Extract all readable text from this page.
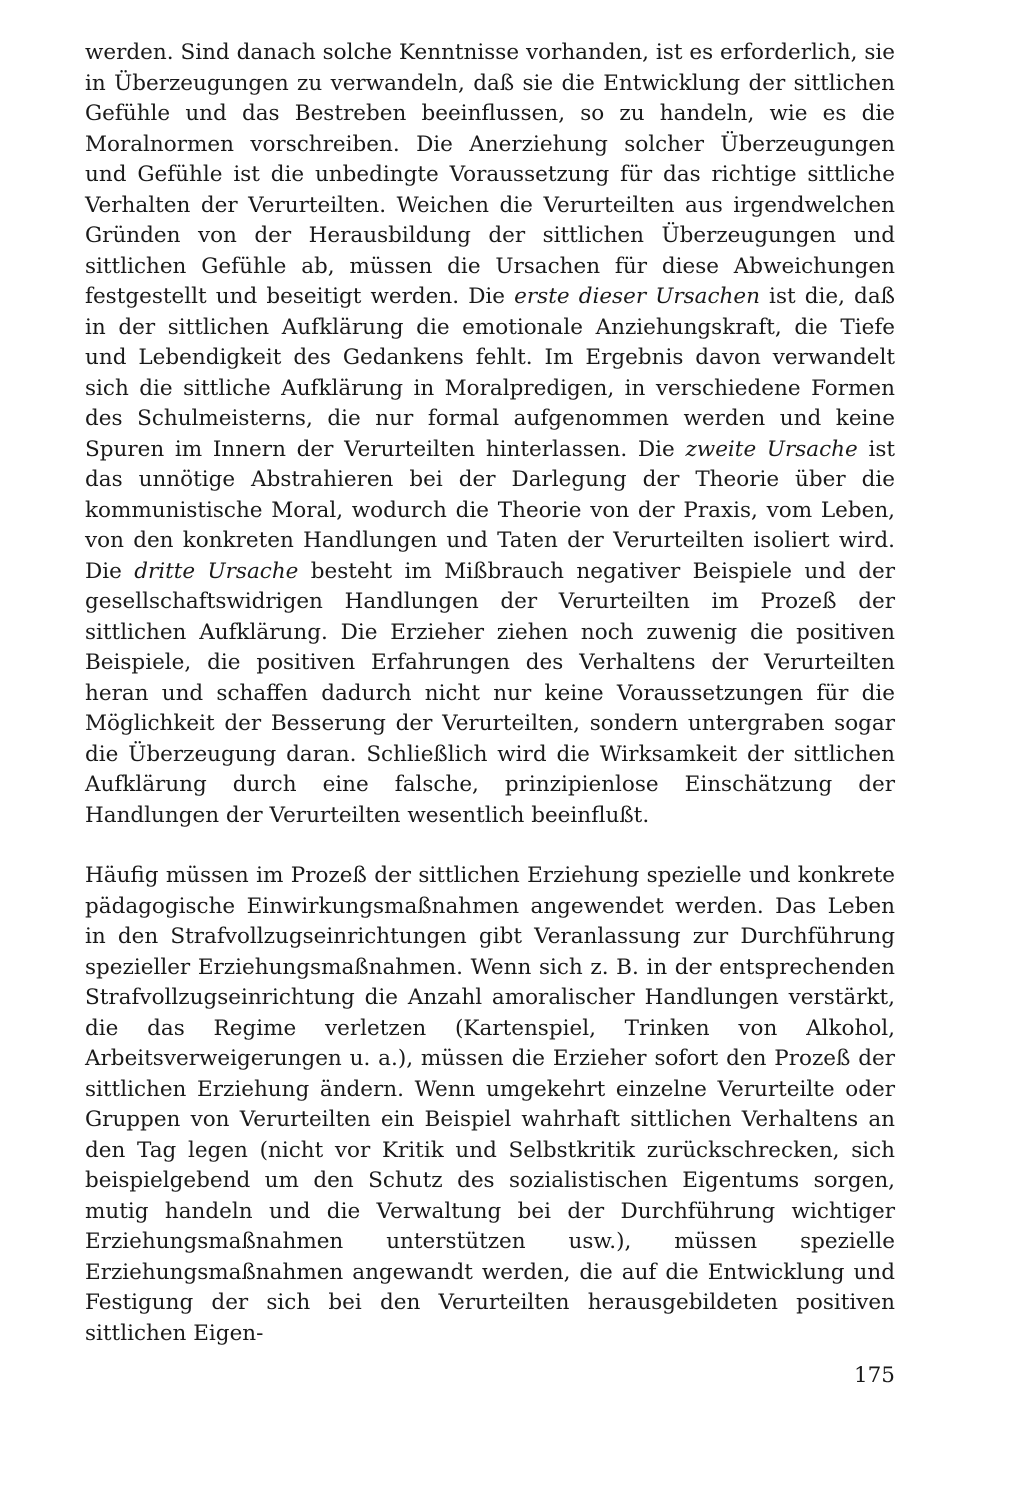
werden. Sind danach solche Kenntnisse vorhanden, ist es erforderlich, sie in Überzeugungen zu verwandeln, daß sie die Entwicklung der sittlichen Gefühle und das Bestreben beeinflussen, so zu handeln, wie es die Moralnormen vorschreiben. Die Anerziehung solcher Überzeugungen und Gefühle ist die unbedingte Voraussetzung für das richtige sittliche Verhalten der Verurteilten. Weichen die Verurteilten aus irgendwelchen Gründen von der Herausbildung der sittlichen Überzeugungen und sittlichen Gefühle ab, müssen die Ursachen für diese Abweichungen festgestellt und beseitigt werden. Die erste dieser Ursachen ist die, daß in der sittlichen Aufklärung die emotionale Anziehungskraft, die Tiefe und Lebendigkeit des Gedankens fehlt. Im Ergebnis davon verwandelt sich die sittliche Aufklärung in Moralpredigen, in verschiedene Formen des Schulmeisterns, die nur formal aufgenommen werden und keine Spuren im Innern der Verurteilten hinterlassen. Die zweite Ursache ist das unnötige Abstrahieren bei der Darlegung der Theorie über die kommunistische Moral, wodurch die Theorie von der Praxis, vom Leben, von den konkreten Handlungen und Taten der Verurteilten isoliert wird. Die dritte Ursache besteht im Mißbrauch negativer Beispiele und der gesellschaftswidrigen Handlungen der Verurteilten im Prozeß der sittlichen Aufklärung. Die Erzieher ziehen noch zuwenig die positiven Beispiele, die positiven Erfahrungen des Verhaltens der Verurteilten heran und schaffen dadurch nicht nur keine Voraussetzungen für die Möglichkeit der Besserung der Verurteilten, sondern untergraben sogar die Überzeugung daran. Schließlich wird die Wirksamkeit der sittlichen Aufklärung durch eine falsche, prinzipienlose Einschätzung der Handlungen der Verurteilten wesentlich beeinflußt.

Häufig müssen im Prozeß der sittlichen Erziehung spezielle und konkrete pädagogische Einwirkungsmaßnahmen angewendet werden. Das Leben in den Strafvollzugseinrichtungen gibt Veranlassung zur Durchführung spezieller Erziehungsmaßnahmen. Wenn sich z. B. in der entsprechenden Strafvollzugseinrichtung die Anzahl amoralischer Handlungen verstärkt, die das Regime verletzen (Kartenspiel, Trinken von Alkohol, Arbeitsverweigerungen u. a.), müssen die Erzieher sofort den Prozeß der sittlichen Erziehung ändern. Wenn umgekehrt einzelne Verurteilte oder Gruppen von Verurteilten ein Beispiel wahrhaft sittlichen Verhaltens an den Tag legen (nicht vor Kritik und Selbstkritik zurückschrecken, sich beispielgebend um den Schutz des sozialistischen Eigentums sorgen, mutig handeln und die Verwaltung bei der Durchführung wichtiger Erziehungsmaßnahmen unterstützen usw.), müssen spezielle Erziehungsmaßnahmen angewandt werden, die auf die Entwicklung und Festigung der sich bei den Verurteilten herausgebildeten positiven sittlichen Eigen-

175
